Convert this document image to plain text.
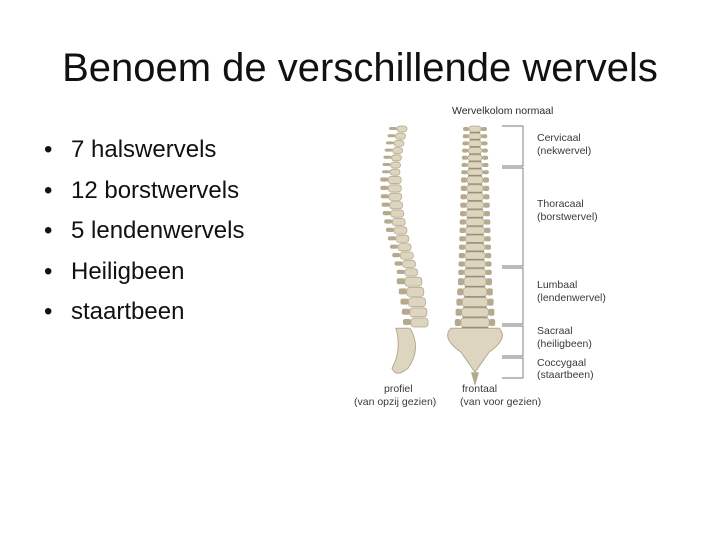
Benoem de verschillende wervels
• 7 halswervels
• 12 borstwervels
• 5 lendenwervels
• Heiligbeen
• staartbeen
Wervelkolom normaal
Cervicaal
(nekwervel)
Thoracaal
(borstwervel)
Lumbaal
(lendenwervel)
Sacraal
(heiligbeen)
Coccygaal
(staartbeen)
profiel
(van opzij gezien)
frontaal
(van voor gezien)
